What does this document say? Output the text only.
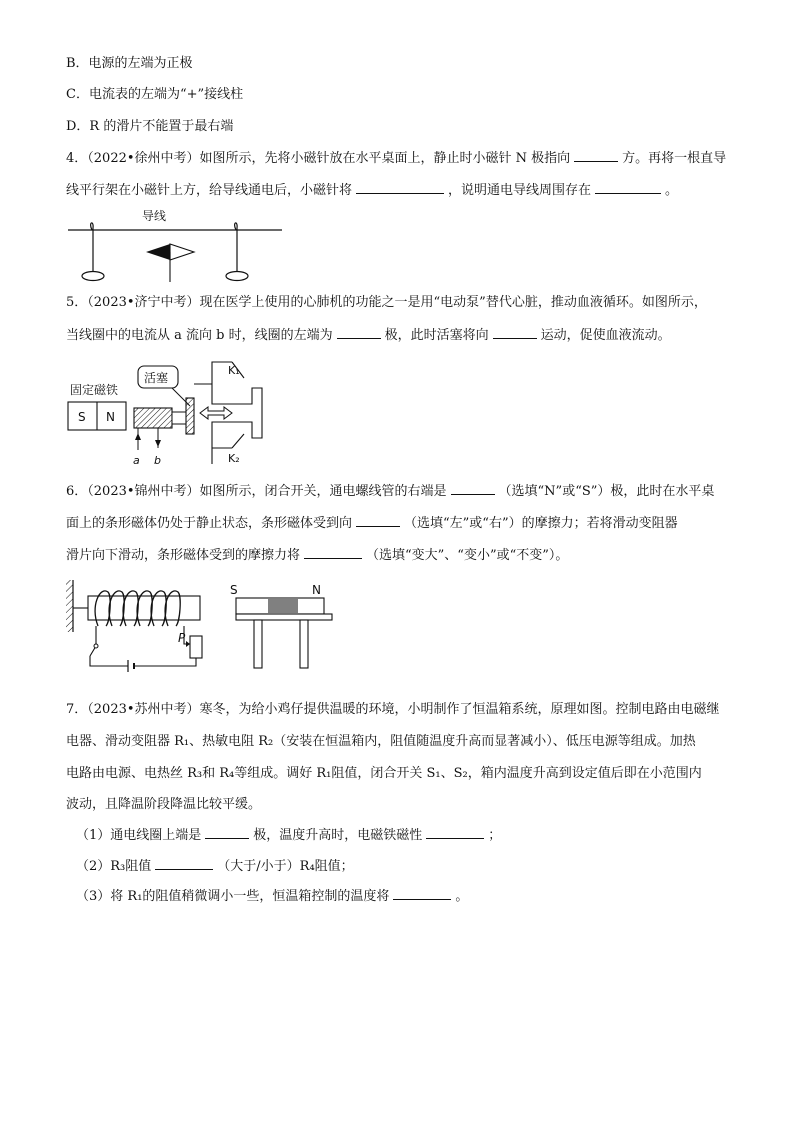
B．电源的左端为正极
C．电流表的左端为“+”接线柱
D．R 的滑片不能置于最右端
4．（2022•徐州中考）如图所示，先将小磁针放在水平桌面上，静止时小磁针 N 极指向	方。再将一根直导
线平行架在小磁针上方，给导线通电后，小磁针将	，说明通电导线周围存在	。
导线
5．（2023•济宁中考）现在医学上使用的心肺机的功能之一是用“电动泵”替代心脏，推动血液循环。如图所示，
当线圈中的电流从 a 流向 b 时，线圈的左端为	极，此时活塞将向	运动，促使血液流动。
固定磁铁
S N
活塞
K₁
K₂
a b
6．（2023•锦州中考）如图所示，闭合开关，通电螺线管的右端是	（选填“N”或“S”）极，此时在水平桌
面上的条形磁体仍处于静止状态，条形磁体受到向	（选填“左”或“右”）的摩擦力；若将滑动变阻器
滑片向下滑动，条形磁体受到的摩擦力将	（选填“变大”、“变小”或“不变”）。
P
S	N
7．（2023•苏州中考）寒冬，为给小鸡仔提供温暖的环境，小明制作了恒温箱系统，原理如图。控制电路由电磁继
电器、滑动变阻器 R₁、热敏电阻 R₂（安装在恒温箱内，阻值随温度升高而显著减小）、低压电源等组成。加热
电路由电源、电热丝 R₃和 R₄等组成。调好 R₁阻值，闭合开关 S₁、S₂，箱内温度升高到设定值后即在小范围内
波动，且降温阶段降温比较平缓。
（1）通电线圈上端是	极，温度升高时，电磁铁磁性	；
（2）R₃阻值	（大于/小于）R₄阻值；
（3）将 R₁的阻值稍微调小一些，恒温箱控制的温度将	。
